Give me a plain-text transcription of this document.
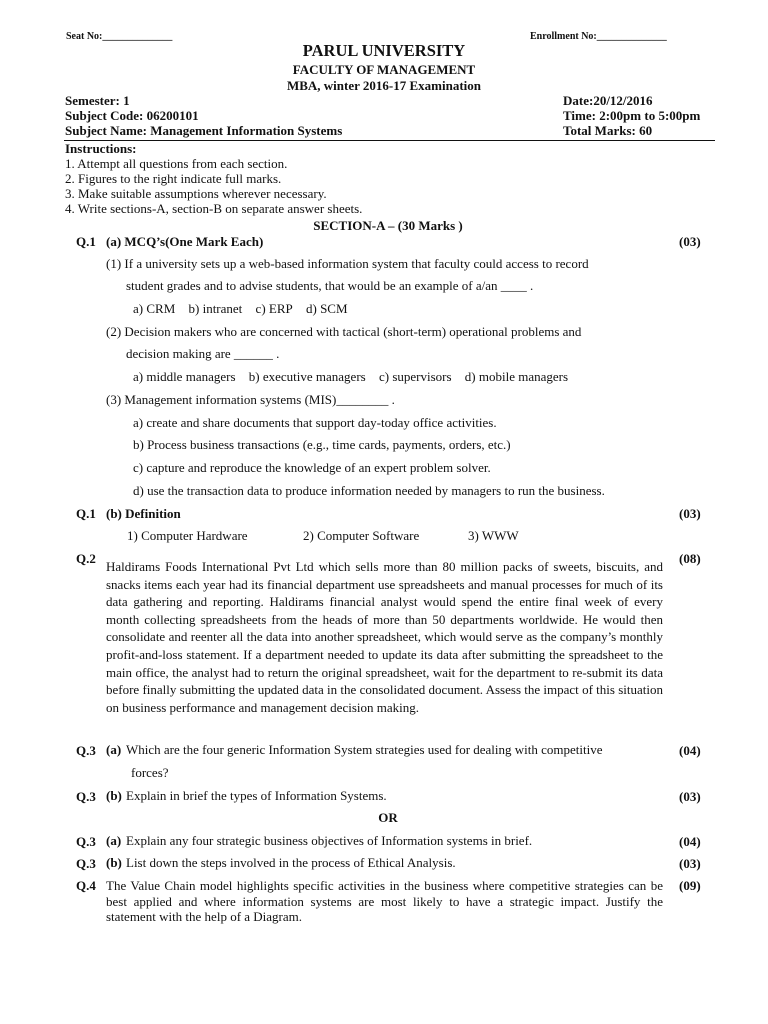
Seat No:______________	Enrollment No:______________
PARUL UNIVERSITY
FACULTY OF MANAGEMENT
MBA, winter 2016-17 Examination
Semester: 1	Date:20/12/2016
Subject Code: 06200101	Time: 2:00pm to 5:00pm
Subject Name: Management Information Systems	Total Marks: 60
Instructions:
1. Attempt all questions from each section.
2. Figures to the right indicate full marks.
3. Make suitable assumptions wherever necessary.
4. Write sections-A, section-B on separate answer sheets.
SECTION-A – (30 Marks )
Q.1 (a) MCQ’s(One Mark Each)	(03)
(1) If a university sets up a web-based information system that faculty could access to record
student grades and to advise students, that would be an example of a/an ____ .
a) CRM b) intranet c) ERP d) SCM
(2) Decision makers who are concerned with tactical (short-term) operational problems and
decision making are ______ .
a) middle managers b) executive managers c) supervisors d) mobile managers
(3) Management information systems (MIS)________ .
a) create and share documents that support day-today office activities.
b) Process business transactions (e.g., time cards, payments, orders, etc.)
c) capture and reproduce the knowledge of an expert problem solver.
d) use the transaction data to produce information needed by managers to run the business.
Q.1 (b) Definition	(03)
1) Computer Hardware	2) Computer Software	3) WWW
Q.2	(08)
Haldirams Foods International Pvt Ltd which sells more than 80 million packs of sweets, biscuits, and snacks items each year had its financial department use spreadsheets and manual processes for much of its data gathering and reporting. Haldirams financial analyst would spend the entire final week of every month collecting spreadsheets from the heads of more than 50 departments worldwide. He would then consolidate and reenter all the data into another spreadsheet, which would serve as the company’s monthly profit-and-loss statement. If a department needed to update its data after submitting the spreadsheet to the main office, the analyst had to return the original spreadsheet, wait for the department to re-submit its data before finally submitting the updated data in the consolidated document. Assess the impact of this situation on business performance and management decision making.
Q.3 (a) Which are the four generic Information System strategies used for dealing with competitive
forces?
(04)
Q.3 (b) Explain in brief the types of Information Systems.	(03)
OR
Q.3 (a) Explain any four strategic business objectives of Information systems in brief.	(04)
Q.3 (b) List down the steps involved in the process of Ethical Analysis.	(03)
Q.4	(09)
The Value Chain model highlights specific activities in the business where competitive strategies can be best applied and where information systems are most likely to have a strategic impact. Justify the statement with the help of a Diagram.
